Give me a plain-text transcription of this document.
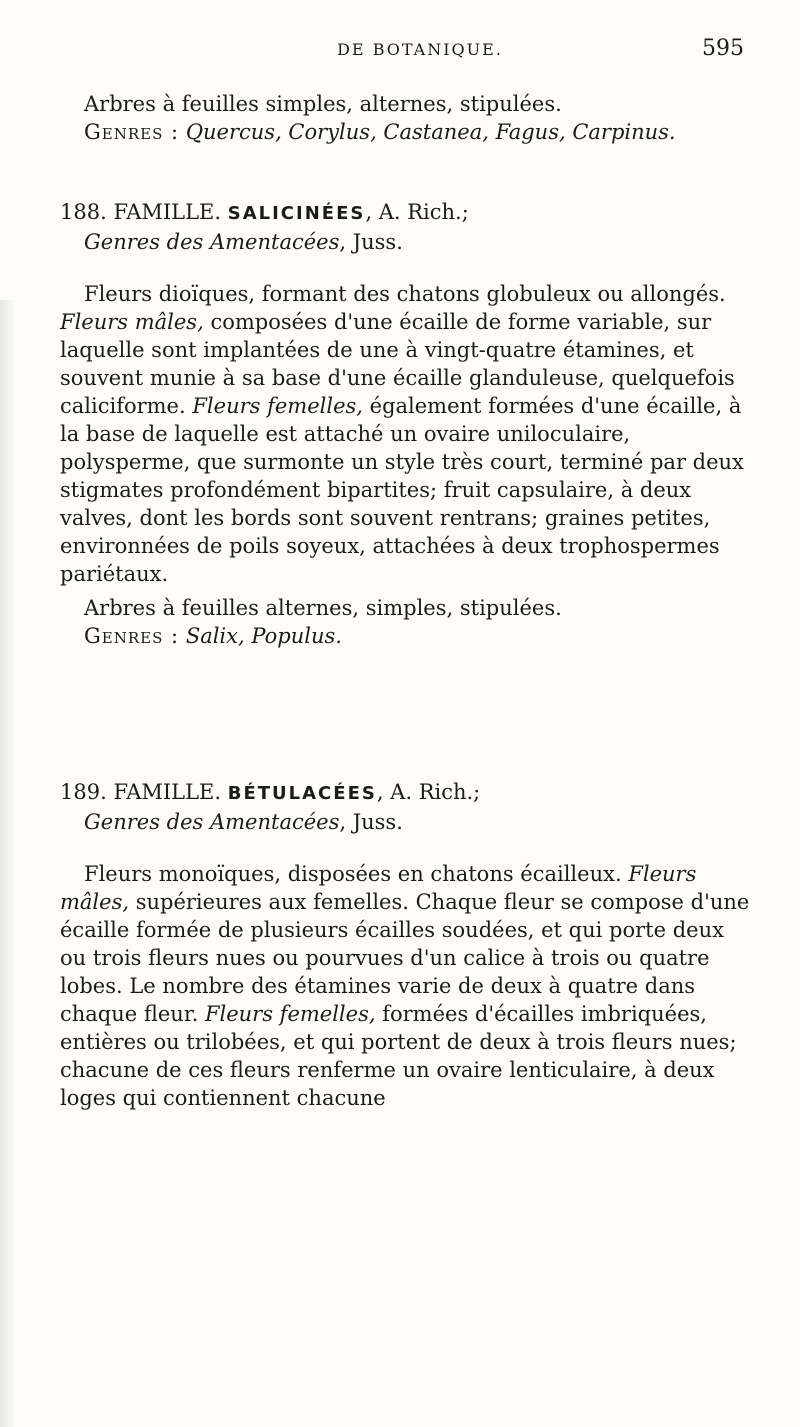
DE BOTANIQUE.	595

Arbres à feuilles simples, alternes, stipulées.

Genres : Quercus, Corylus, Castanea, Fagus, Carpinus.

188. FAMILLE. SALICINÉES, A. Rich.;

Genres des Amentacées, Juss.

Fleurs dioïques, formant des chatons globuleux ou allongés. Fleurs mâles, composées d'une écaille de forme variable, sur laquelle sont implantées de une à vingt-quatre étamines, et souvent munie à sa base d'une écaille glanduleuse, quelquefois caliciforme. Fleurs femelles, également formées d'une écaille, à la base de laquelle est attaché un ovaire uniloculaire, polysperme, que surmonte un style très court, terminé par deux stigmates profondément bipartites; fruit capsulaire, à deux valves, dont les bords sont souvent rentrans; graines petites, environnées de poils soyeux, attachées à deux trophospermes pariétaux.

Arbres à feuilles alternes, simples, stipulées.

Genres : Salix, Populus.

189. FAMILLE. BÉTULACÉES, A. Rich.;

Genres des Amentacées, Juss.

Fleurs monoïques, disposées en chatons écailleux. Fleurs mâles, supérieures aux femelles. Chaque fleur se compose d'une écaille formée de plusieurs écailles soudées, et qui porte deux ou trois fleurs nues ou pourvues d'un calice à trois ou quatre lobes. Le nombre des étamines varie de deux à quatre dans chaque fleur. Fleurs femelles, formées d'écailles imbriquées, entières ou trilobées, et qui portent de deux à trois fleurs nues; chacune de ces fleurs renferme un ovaire lenticulaire, à deux loges qui contiennent chacune
